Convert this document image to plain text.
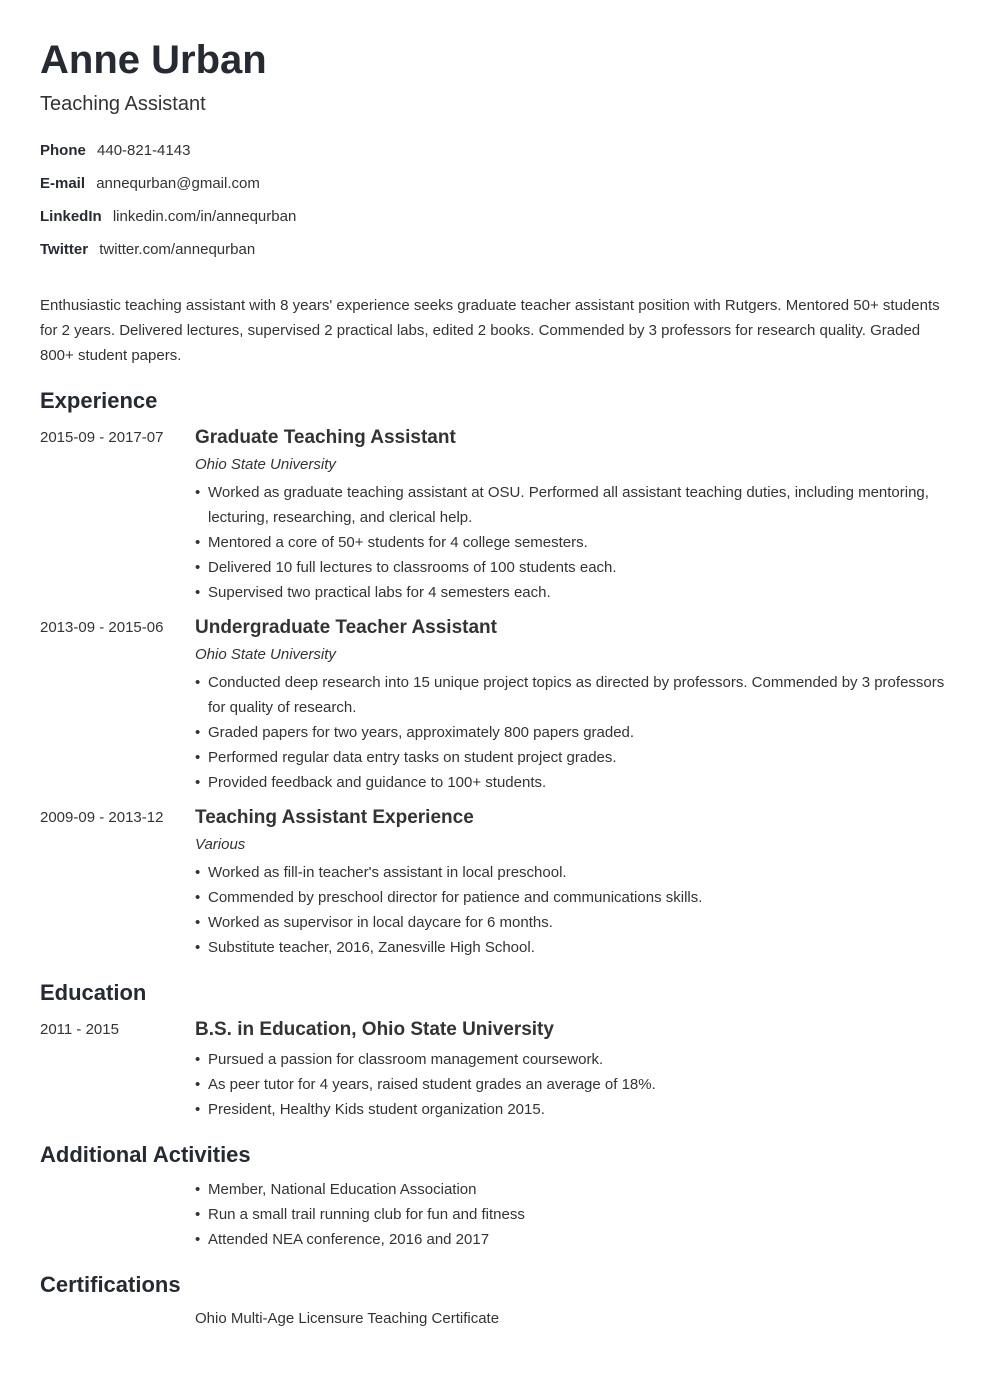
Anne Urban
Teaching Assistant
Phone 440-821-4143
E-mail annequrban@gmail.com
LinkedIn linkedin.com/in/annequrban
Twitter twitter.com/annequrban

Enthusiastic teaching assistant with 8 years' experience seeks graduate teacher assistant position with Rutgers. Mentored 50+ students for 2 years. Delivered lectures, supervised 2 practical labs, edited 2 books. Commended by 3 professors for research quality. Graded 800+ student papers.

Experience
2015-09 - 2017-07 Graduate Teaching Assistant
Ohio State University
• Worked as graduate teaching assistant at OSU. Performed all assistant teaching duties, including mentoring, lecturing, researching, and clerical help.
• Mentored a core of 50+ students for 4 college semesters.
• Delivered 10 full lectures to classrooms of 100 students each.
• Supervised two practical labs for 4 semesters each.
2013-09 - 2015-06 Undergraduate Teacher Assistant
Ohio State University
• Conducted deep research into 15 unique project topics as directed by professors. Commended by 3 professors for quality of research.
• Graded papers for two years, approximately 800 papers graded.
• Performed regular data entry tasks on student project grades.
• Provided feedback and guidance to 100+ students.
2009-09 - 2013-12 Teaching Assistant Experience
Various
• Worked as fill-in teacher's assistant in local preschool.
• Commended by preschool director for patience and communications skills.
• Worked as supervisor in local daycare for 6 months.
• Substitute teacher, 2016, Zanesville High School.
Education
2011 - 2015	B.S. in Education, Ohio State University
• Pursued a passion for classroom management coursework.
• As peer tutor for 4 years, raised student grades an average of 18%.
• President, Healthy Kids student organization 2015.
Additional Activities
• Member, National Education Association
• Run a small trail running club for fun and fitness
• Attended NEA conference, 2016 and 2017
Certifications
Ohio Multi-Age Licensure Teaching Certificate
